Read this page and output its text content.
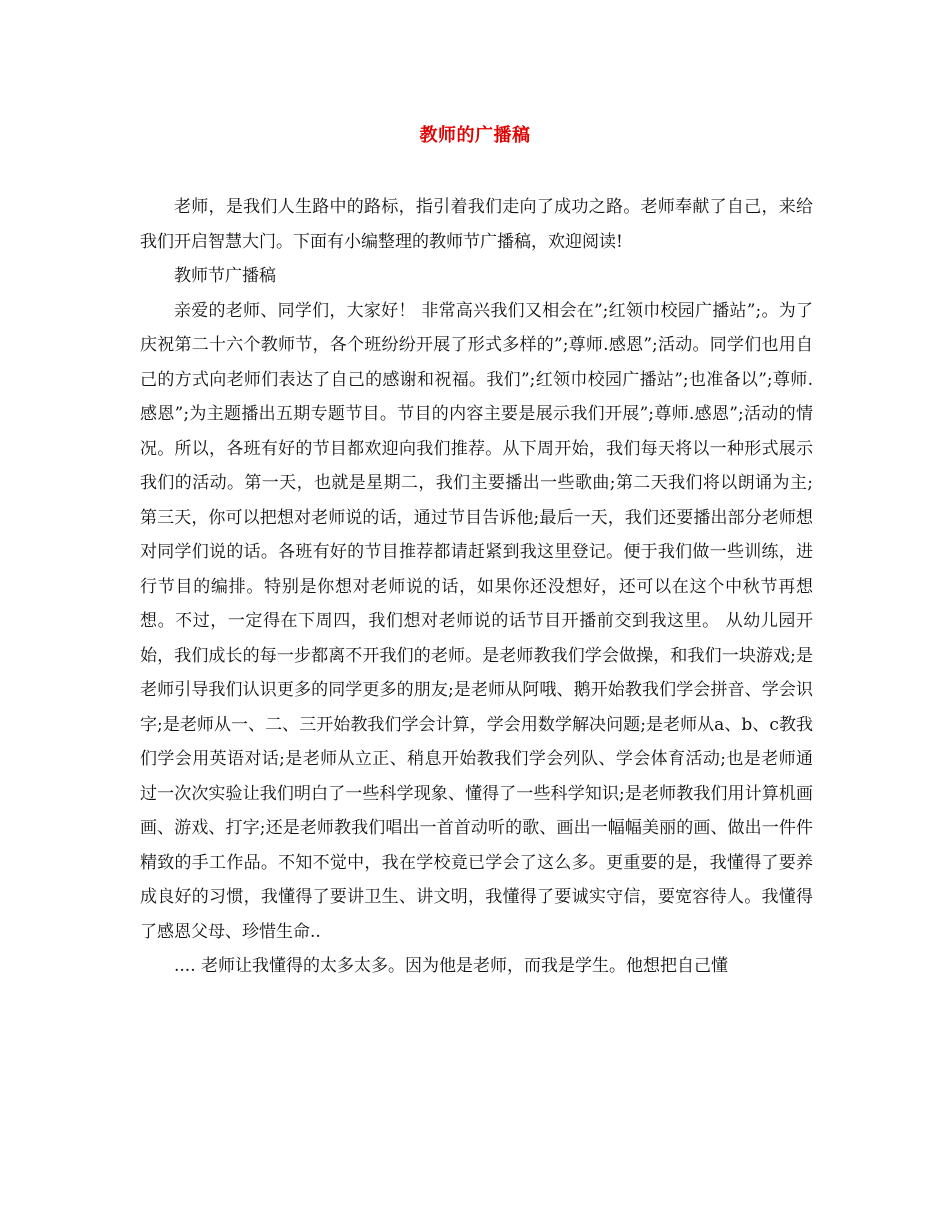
教师的广播稿

老师，是我们人生路中的路标，指引着我们走向了成功之路。老师奉献了自己，来给我们开启智慧大门。下面有小编整理的教师节广播稿，欢迎阅读!

教师节广播稿

亲爱的老师、同学们，大家好！ 非常高兴我们又相会在”;红领巾校园广播站”;。为了庆祝第二十六个教师节，各个班纷纷开展了形式多样的”;尊师.感恩”;活动。同学们也用自己的方式向老师们表达了自己的感谢和祝福。我们”;红领巾校园广播站”;也准备以”;尊师.感恩”;为主题播出五期专题节目。节目的内容主要是展示我们开展”;尊师.感恩”;活动的情况。所以，各班有好的节目都欢迎向我们推荐。从下周开始，我们每天将以一种形式展示我们的活动。第一天，也就是星期二，我们主要播出一些歌曲;第二天我们将以朗诵为主;第三天，你可以把想对老师说的话，通过节目告诉他;最后一天，我们还要播出部分老师想对同学们说的话。各班有好的节目推荐都请赶紧到我这里登记。便于我们做一些训练，进行节目的编排。特别是你想对老师说的话，如果你还没想好，还可以在这个中秋节再想想。不过，一定得在下周四，我们想对老师说的话节目开播前交到我这里。 从幼儿园开始，我们成长的每一步都离不开我们的老师。是老师教我们学会做操，和我们一块游戏;是老师引导我们认识更多的同学更多的朋友;是老师从阿哦、鹅开始教我们学会拼音、学会识字;是老师从一、二、三开始教我们学会计算，学会用数学解决问题;是老师从a、b、c教我们学会用英语对话;是老师从立正、稍息开始教我们学会列队、学会体育活动;也是老师通过一次次实验让我们明白了一些科学现象、懂得了一些科学知识;是老师教我们用计算机画画、游戏、打字;还是老师教我们唱出一首首动听的歌、画出一幅幅美丽的画、做出一件件精致的手工作品。不知不觉中，我在学校竟已学会了这么多。更重要的是，我懂得了要养成良好的习惯，我懂得了要讲卫生、讲文明，我懂得了要诚实守信，要宽容待人。我懂得了感恩父母、珍惜生命..

.... 老师让我懂得的太多太多。因为他是老师，而我是学生。他想把自己懂
